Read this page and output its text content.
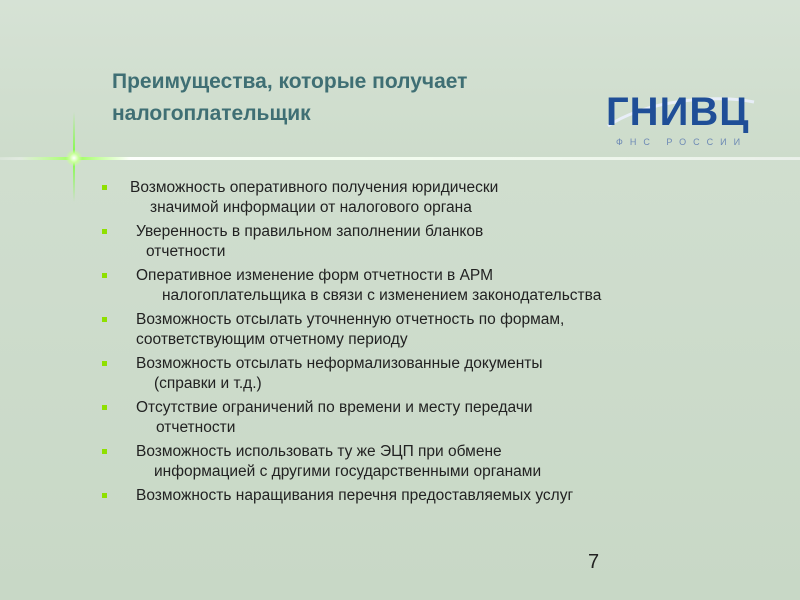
Преимущества, которые получает
налогоплательщик	ГНИВЦ
ФНС РОССИИ
Возможность оперативного получения юридически
значимой информации от налогового органа
Уверенность в правильном заполнении бланков
отчетности
Оперативное изменение форм отчетности в АРМ
налогоплательщика в связи с изменением законодательства
Возможность отсылать уточненную отчетность по формам,
соответствующим отчетному периоду
Возможность отсылать неформализованные документы
(справки и т.д.)
Отсутствие ограничений по времени и месту передачи
отчетности
Возможность использовать ту же ЭЦП при обмене
информацией с другими государственными органами
Возможность наращивания перечня предоставляемых услуг
7
